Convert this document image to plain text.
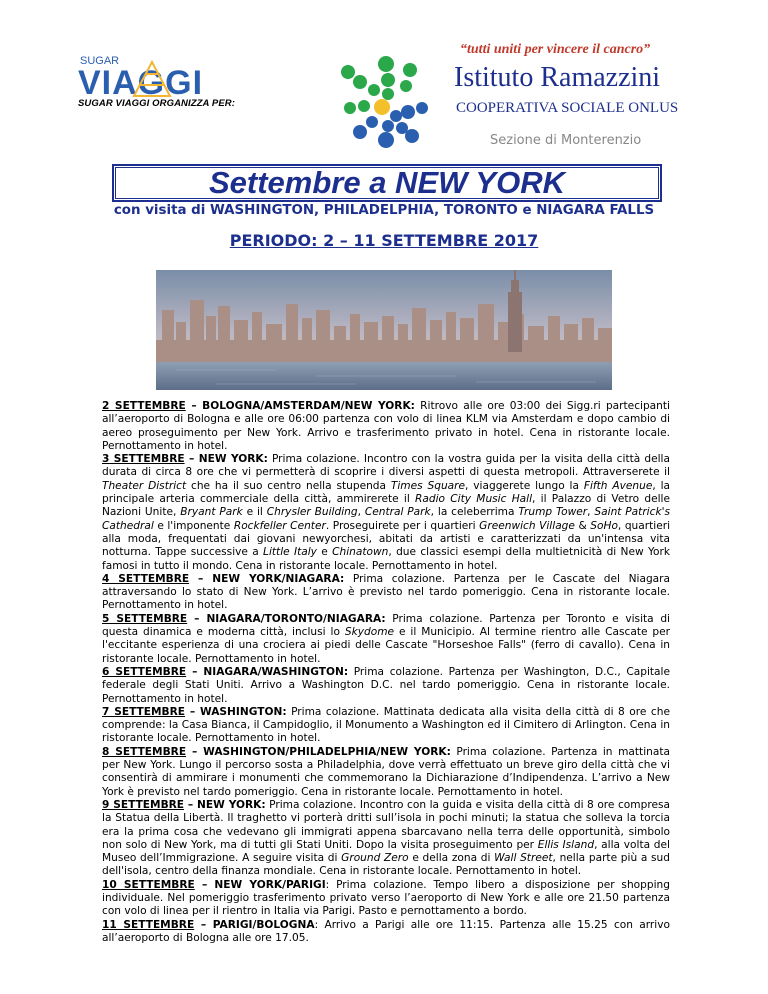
SUGAR
VIAGGI
SUGAR VIAGGI ORGANIZZA PER:
“tutti uniti per vincere il cancro”
Istituto Ramazzini
COOPERATIVA SOCIALE ONLUS
Sezione di Monterenzio
Settembre a NEW YORK
con visita di WASHINGTON, PHILADELPHIA, TORONTO e NIAGARA FALLS
PERIODO: 2 – 11 SETTEMBRE 2017

2 SETTEMBRE – BOLOGNA/AMSTERDAM/NEW YORK: Ritrovo alle ore 03:00 dei Sigg.ri partecipanti all’aeroporto di Bologna e alle ore 06:00 partenza con volo di linea KLM via Amsterdam e dopo cambio di aereo proseguimento per New York. Arrivo e trasferimento privato in hotel. Cena in ristorante locale. Pernottamento in hotel.

3 SETTEMBRE – NEW YORK: Prima colazione. Incontro con la vostra guida per la visita della città della durata di circa 8 ore che vi permetterà di scoprire i diversi aspetti di questa metropoli. Attraverserete il Theater District che ha il suo centro nella stupenda Times Square, viaggerete lungo la Fifth Avenue, la principale arteria commerciale della città, ammirerete il Radio City Music Hall, il Palazzo di Vetro delle Nazioni Unite, Bryant Park e il Chrysler Building, Central Park, la celeberrima Trump Tower, Saint Patrick's Cathedral e l'imponente Rockfeller Center. Proseguirete per i quartieri Greenwich Village & SoHo, quartieri alla moda, frequentati dai giovani newyorchesi, abitati da artisti e caratterizzati da un'intensa vita notturna. Tappe successive a Little Italy e Chinatown, due classici esempi della multietnicità di New York famosi in tutto il mondo. Cena in ristorante locale. Pernottamento in hotel.

4 SETTEMBRE – NEW YORK/NIAGARA: Prima colazione. Partenza per le Cascate del Niagara attraversando lo stato di New York. L’arrivo è previsto nel tardo pomeriggio. Cena in ristorante locale. Pernottamento in hotel.

5 SETTEMBRE – NIAGARA/TORONTO/NIAGARA: Prima colazione. Partenza per Toronto e visita di questa dinamica e moderna città, inclusi lo Skydome e il Municipio. Al termine rientro alle Cascate per l'eccitante esperienza di una crociera ai piedi delle Cascate "Horseshoe Falls" (ferro di cavallo). Cena in ristorante locale. Pernottamento in hotel.

6 SETTEMBRE – NIAGARA/WASHINGTON: Prima colazione. Partenza per Washington, D.C., Capitale federale degli Stati Uniti. Arrivo a Washington D.C. nel tardo pomeriggio. Cena in ristorante locale. Pernottamento in hotel.

7 SETTEMBRE – WASHINGTON: Prima colazione. Mattinata dedicata alla visita della città di 8 ore che comprende: la Casa Bianca, il Campidoglio, il Monumento a Washington ed il Cimitero di Arlington. Cena in ristorante locale. Pernottamento in hotel.

8 SETTEMBRE – WASHINGTON/PHILADELPHIA/NEW YORK: Prima colazione. Partenza in mattinata per New York. Lungo il percorso sosta a Philadelphia, dove verrà effettuato un breve giro della città che vi consentirà di ammirare i monumenti che commemorano la Dichiarazione d’Indipendenza. L’arrivo a New York è previsto nel tardo pomeriggio. Cena in ristorante locale. Pernottamento in hotel.

9 SETTEMBRE – NEW YORK: Prima colazione. Incontro con la guida e visita della città di 8 ore compresa la Statua della Libertà. Il traghetto vi porterà dritti sull’isola in pochi minuti; la statua che solleva la torcia era la prima cosa che vedevano gli immigrati appena sbarcavano nella terra delle opportunità, simbolo non solo di New York, ma di tutti gli Stati Uniti. Dopo la visita proseguimento per Ellis Island, alla volta del Museo dell’Immigrazione. A seguire visita di Ground Zero e della zona di Wall Street, nella parte più a sud dell'isola, centro della finanza mondiale. Cena in ristorante locale. Pernottamento in hotel.

10 SETTEMBRE – NEW YORK/PARIGI: Prima colazione. Tempo libero a disposizione per shopping individuale. Nel pomeriggio trasferimento privato verso l’aeroporto di New York e alle ore 21.50 partenza con volo di linea per il rientro in Italia via Parigi. Pasto e pernottamento a bordo.

11 SETTEMBRE – PARIGI/BOLOGNA: Arrivo a Parigi alle ore 11:15. Partenza alle 15.25 con arrivo all’aeroporto di Bologna alle ore 17.05.
